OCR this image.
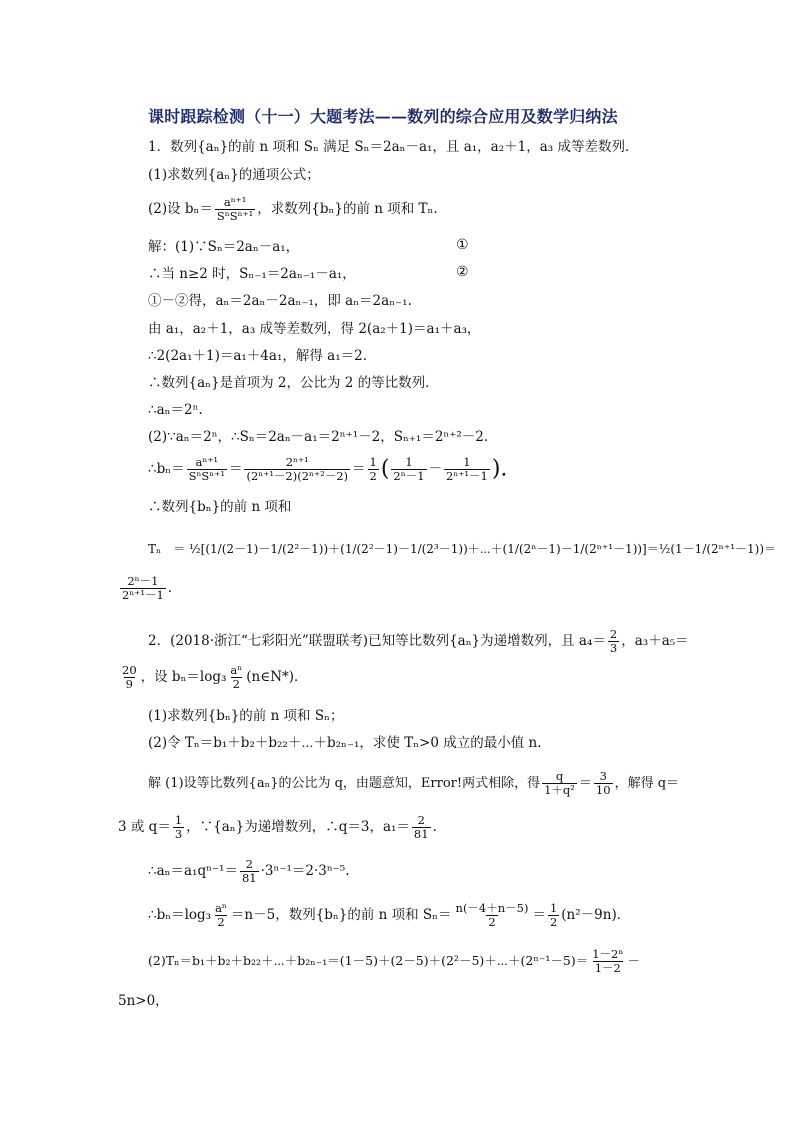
课时跟踪检测（十一）大题考法——数列的综合应用及数学归纳法
1．数列{aₙ}的前 n 项和 Sₙ 满足 Sₙ＝2aₙ－a₁，且 a₁，a₂＋1，a₃ 成等差数列．
(1)求数列{aₙ}的通项公式；
(2)设 $b_n= \frac{\text{aⁿ⁺¹}}{\text{SⁿSⁿ⁺¹}}$ ，求数列{bₙ}的前 n 项和 Tₙ.
解：(1)∵Sₙ＝2aₙ－a₁，	①
∴当 n≥2 时，Sₙ₋₁＝2aₙ₋₁－a₁，	②
①－②得，aₙ＝2aₙ－2aₙ₋₁，即 aₙ＝2aₙ₋₁.
由 a₁，a₂＋1，a₃ 成等差数列，得 2(a₂＋1)＝a₁＋a₃，
∴2(2a₁＋1)＝a₁＋4a₁，解得 a₁＝2.
∴数列{aₙ}是首项为 2，公比为 2 的等比数列．
∴aₙ＝2ⁿ.
(2)∵aₙ＝2ⁿ，∴Sₙ＝2aₙ－a₁＝2ⁿ⁺¹－2，Sₙ₊₁＝2ⁿ⁺²－2.
∴bₙ＝ $\frac{\text{aⁿ⁺¹}}{\text{SⁿSⁿ⁺¹}} = \frac{\text{2ⁿ⁺¹}}{\text{(2ⁿ⁺¹－2)(2ⁿ⁺²－2)}} = \frac{1}{2}$ ( $\frac{1}{\text{2ⁿ－1}} - \frac{1}{\text{2ⁿ⁺¹－1}}$ ).
∴数列{bₙ}的前 n 项和
Tₙ　＝ ½[(1/(2－1)－1/(2²－1))＋(1/(2²－1)－1/(2³－1))＋⋯＋(1/(2ⁿ－1)－1/(2ⁿ⁺¹－1))]＝½(1－1/(2ⁿ⁺¹－1))＝
$\frac{\text{2ⁿ－1}}{\text{2ⁿ⁺¹－1}}$ .
2．(2018·浙江“七彩阳光”联盟联考)已知等比数列{aₙ}为递增数列，且 $a_4= \frac{2}{3}$ ，a₃＋a₅＝
$\frac{20}{9}$ ，设 $b_n=\log_3 \frac{\text{aⁿ}}{2}$ (n∈N*)．
(1)求数列{bₙ}的前 n 项和 Sₙ；
(2)令 Tₙ＝b₁＋b₂＋b₂₂＋⋯＋b₂ₙ₋₁，求使 Tₙ>0 成立的最小值 n.
解 (1)设等比数列{aₙ}的公比为 q，由题意知，Error!两式相除，得 $\frac{q}{\text{1＋q²}} = \frac{3}{10}$ ，解得 q＝
3 或 $q= \frac{1}{3}$ ，∵{aₙ}为递增数列，∴q＝3，$a_1= \frac{2}{81}$ .
∴aₙ＝a₁qⁿ⁻¹＝ $\frac{2}{81} \cdot 3^{n-1}=2\cdot 3^{n-5}$.
∴bₙ＝log₃ $\frac{\text{aⁿ}}{2} =n-5$，数列{bₙ}的前 n 项和 $S_n= \frac{n(-4+n-5)}{2} = \frac{1}{2} (n^2-9n)$．
(2)Tₙ＝b₁＋b₂＋b₂₂＋⋯＋b₂ₙ₋₁＝(1－5)＋(2－5)＋(2²－5)＋⋯＋(2ⁿ⁻¹－5)＝ $\frac{\text{1－2ⁿ}}{1-2}$ －
5n>0，
